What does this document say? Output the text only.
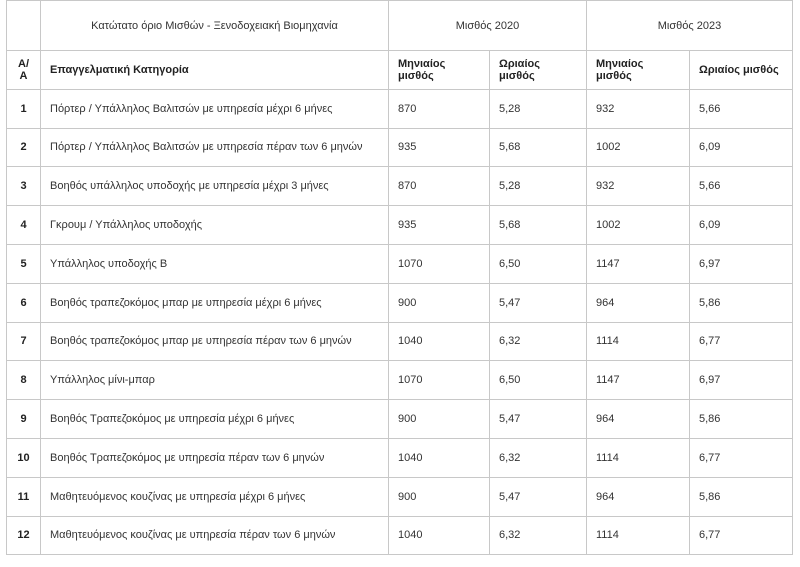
	Κατώτατο όριο Μισθών - Ξενοδοχειακή Βιομηχανία	Μισθός 2020		Μισθός 2023	
Α/Α	Επαγγελματική Κατηγορία	Μηνιαίος μισθός	Ωριαίος μισθός	Μηνιαίος μισθός	Ωριαίος μισθός
1	Πόρτερ / Υπάλληλος Βαλιτσών με υπηρεσία μέχρι 6 μήνες	870	5,28	932	5,66
2	Πόρτερ / Υπάλληλος Βαλιτσών με υπηρεσία πέραν των 6 μηνών	935	5,68	1002	6,09
3	Βοηθός υπάλληλος υποδοχής με υπηρεσία μέχρι 3 μήνες	870	5,28	932	5,66
4	Γκρουμ / Υπάλληλος υποδοχής	935	5,68	1002	6,09
5	Υπάλληλος υποδοχής Β	1070	6,50	1147	6,97
6	Βοηθός τραπεζοκόμος μπαρ με υπηρεσία μέχρι 6 μήνες	900	5,47	964	5,86
7	Βοηθός τραπεζοκόμος μπαρ με υπηρεσία πέραν των 6 μηνών	1040	6,32	1114	6,77
8	Υπάλληλος μίνι-μπαρ	1070	6,50	1147	6,97
9	Βοηθός Τραπεζοκόμος με υπηρεσία μέχρι 6 μήνες	900	5,47	964	5,86
10	Βοηθός Τραπεζοκόμος με υπηρεσία πέραν των 6 μηνών	1040	6,32	1114	6,77
11	Μαθητευόμενος κουζίνας με υπηρεσία μέχρι 6 μήνες	900	5,47	964	5,86
12	Μαθητευόμενος κουζίνας με υπηρεσία πέραν των 6 μηνών	1040	6,32	1114	6,77
